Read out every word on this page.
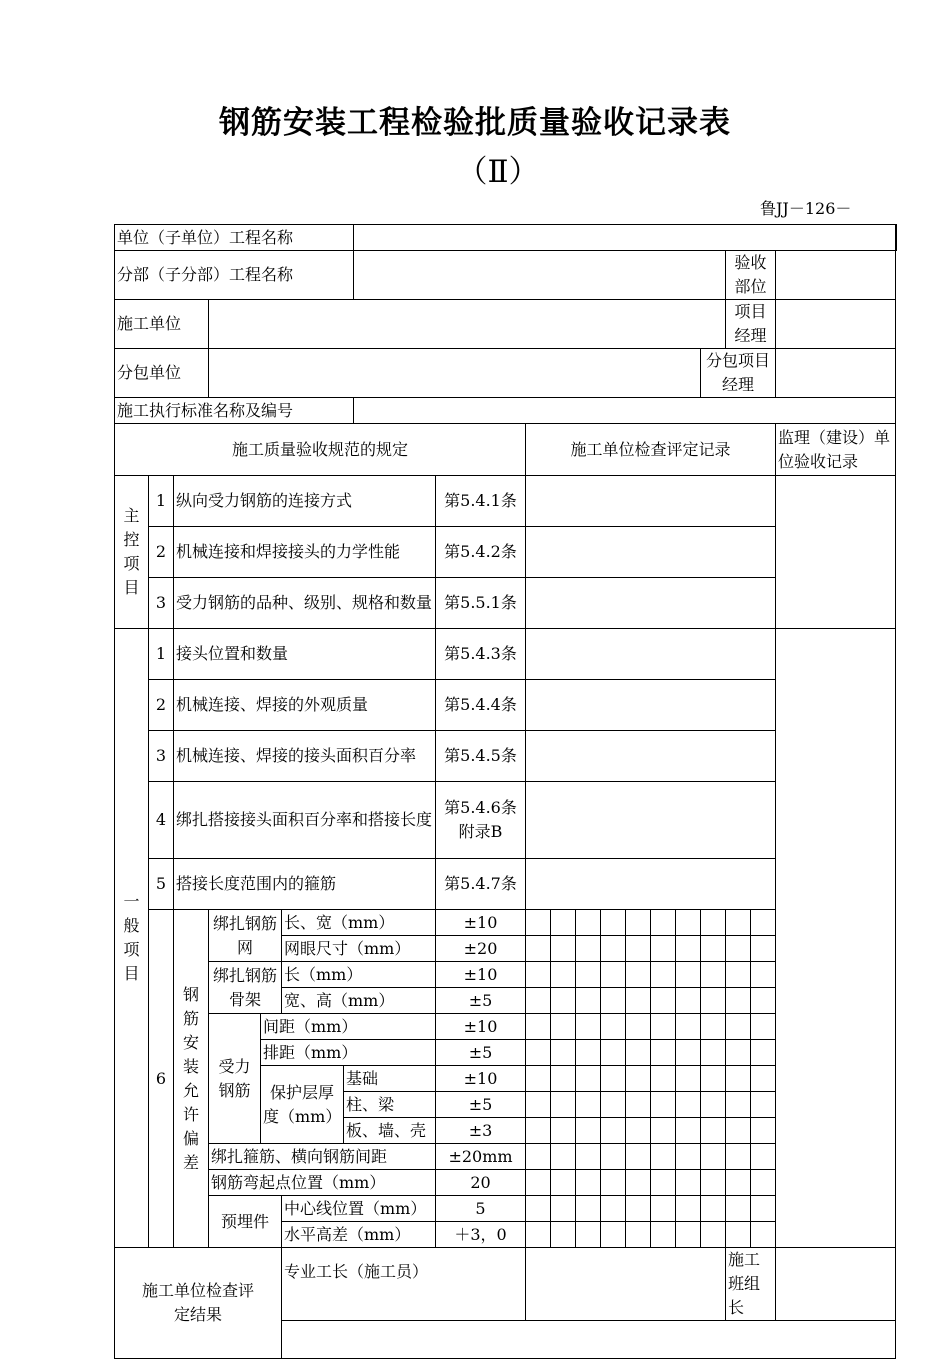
钢筋安装工程检验批质量验收记录表
（Ⅱ）
鲁JJ－126－
单位（子单位）工程名称																			
分部（子分部）工程名称																	验收部位		
施工单位																	项目经理		
分包单位																分包项目经理			
施工执行标准名称及编号																			
施工质量验收规范的规定									施工单位检查评定记录										监理（建设）单位验收记录
主控项目	1	纵向受力钢筋的连接方式						第5.4.1条											
	2	机械连接和焊接接头的力学性能						第5.4.2条											
	3	受力钢筋的品种、级别、规格和数量						第5.5.1条											
一般项目	1	接头位置和数量						第5.4.3条											
	2	机械连接、焊接的外观质量						第5.4.4条											
	3	机械连接、焊接的接头面积百分率						第5.4.5条											
	4	绑扎搭接接头面积百分率和搭接长度						第5.4.6条
附录B											

	5	搭接长度范围内的箍筋						第5.4.7条											
	6	钢筋安装允许偏差	绑扎钢筋网		长、宽（mm）			±10											
					网眼尺寸（mm）			±20											
			绑扎钢筋骨架		长（mm）			±10											
					宽、高（mm）			±5											
			受力钢筋	间距（mm）				±10											
				排距（mm）				±5											
				保护层厚度（mm）		基础		±10											
						柱、梁		±5											
						板、墙、壳		±3											
			绑扎箍筋、横向钢筋间距					±20mm											
			钢筋弯起点位置（mm）					20											
			预埋件		中心线位置（mm）			5											
					水平高差（mm）			＋3，0											
施工单位检查评定结果					专业工长（施工员）												施工班组长		
